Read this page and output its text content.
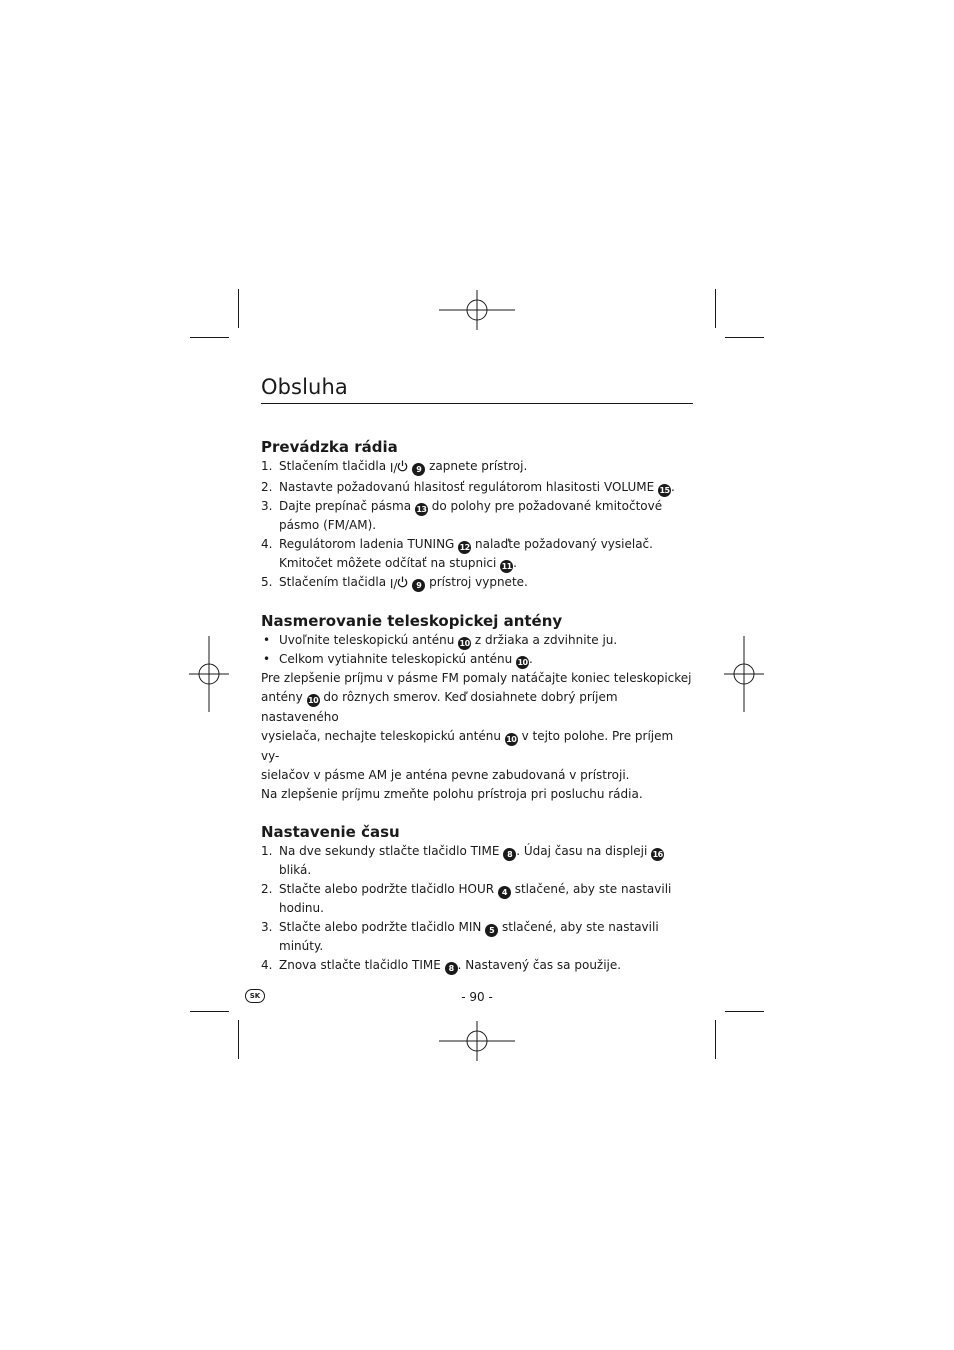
Obsluha
Prevádzka rádia
1. Stlačením tlačidla I/ 9 zapnete prístroj.
2. Nastavte požadovanú hlasitosť regulátorom hlasitosti VOLUME 15.
3. Dajte prepínač pásma 13 do polohy pre požadované kmitočtové pásmo (FM/AM).
4. Regulátorom ladenia TUNING 12 nalaďte požadovaný vysielač.
Kmitočet môžete odčítať na stupnici 11.
5. Stlačením tlačidla I/ 9 prístroj vypnete.
Nasmerovanie teleskopickej antény
• Uvoľnite teleskopickú anténu 10 z držiaka a zdvihnite ju.
• Celkom vytiahnite teleskopickú anténu 10.

Pre zlepšenie príjmu v pásme FM pomaly natáčajte koniec teleskopickej
antény 10 do rôznych smerov. Keď dosiahnete dobrý príjem nastaveného
vysielača, nechajte teleskopickú anténu 10 v tejto polohe. Pre príjem vy-
sielačov v pásme AM je anténa pevne zabudovaná v prístroji.
Na zlepšenie príjmu zmeňte polohu prístroja pri posluchu rádia.

Nastavenie času
1. Na dve sekundy stlačte tlačidlo TIME 8 . Údaj času na displeji 16 bliká.
2. Stlačte alebo podržte tlačidlo HOUR 4 stlačené, aby ste nastavili hodinu.
3. Stlačte alebo podržte tlačidlo MIN 5 stlačené, aby ste nastavili minúty.
4. Znova stlačte tlačidlo TIME 8 . Nastavený čas sa použije.
SK	- 90 -
